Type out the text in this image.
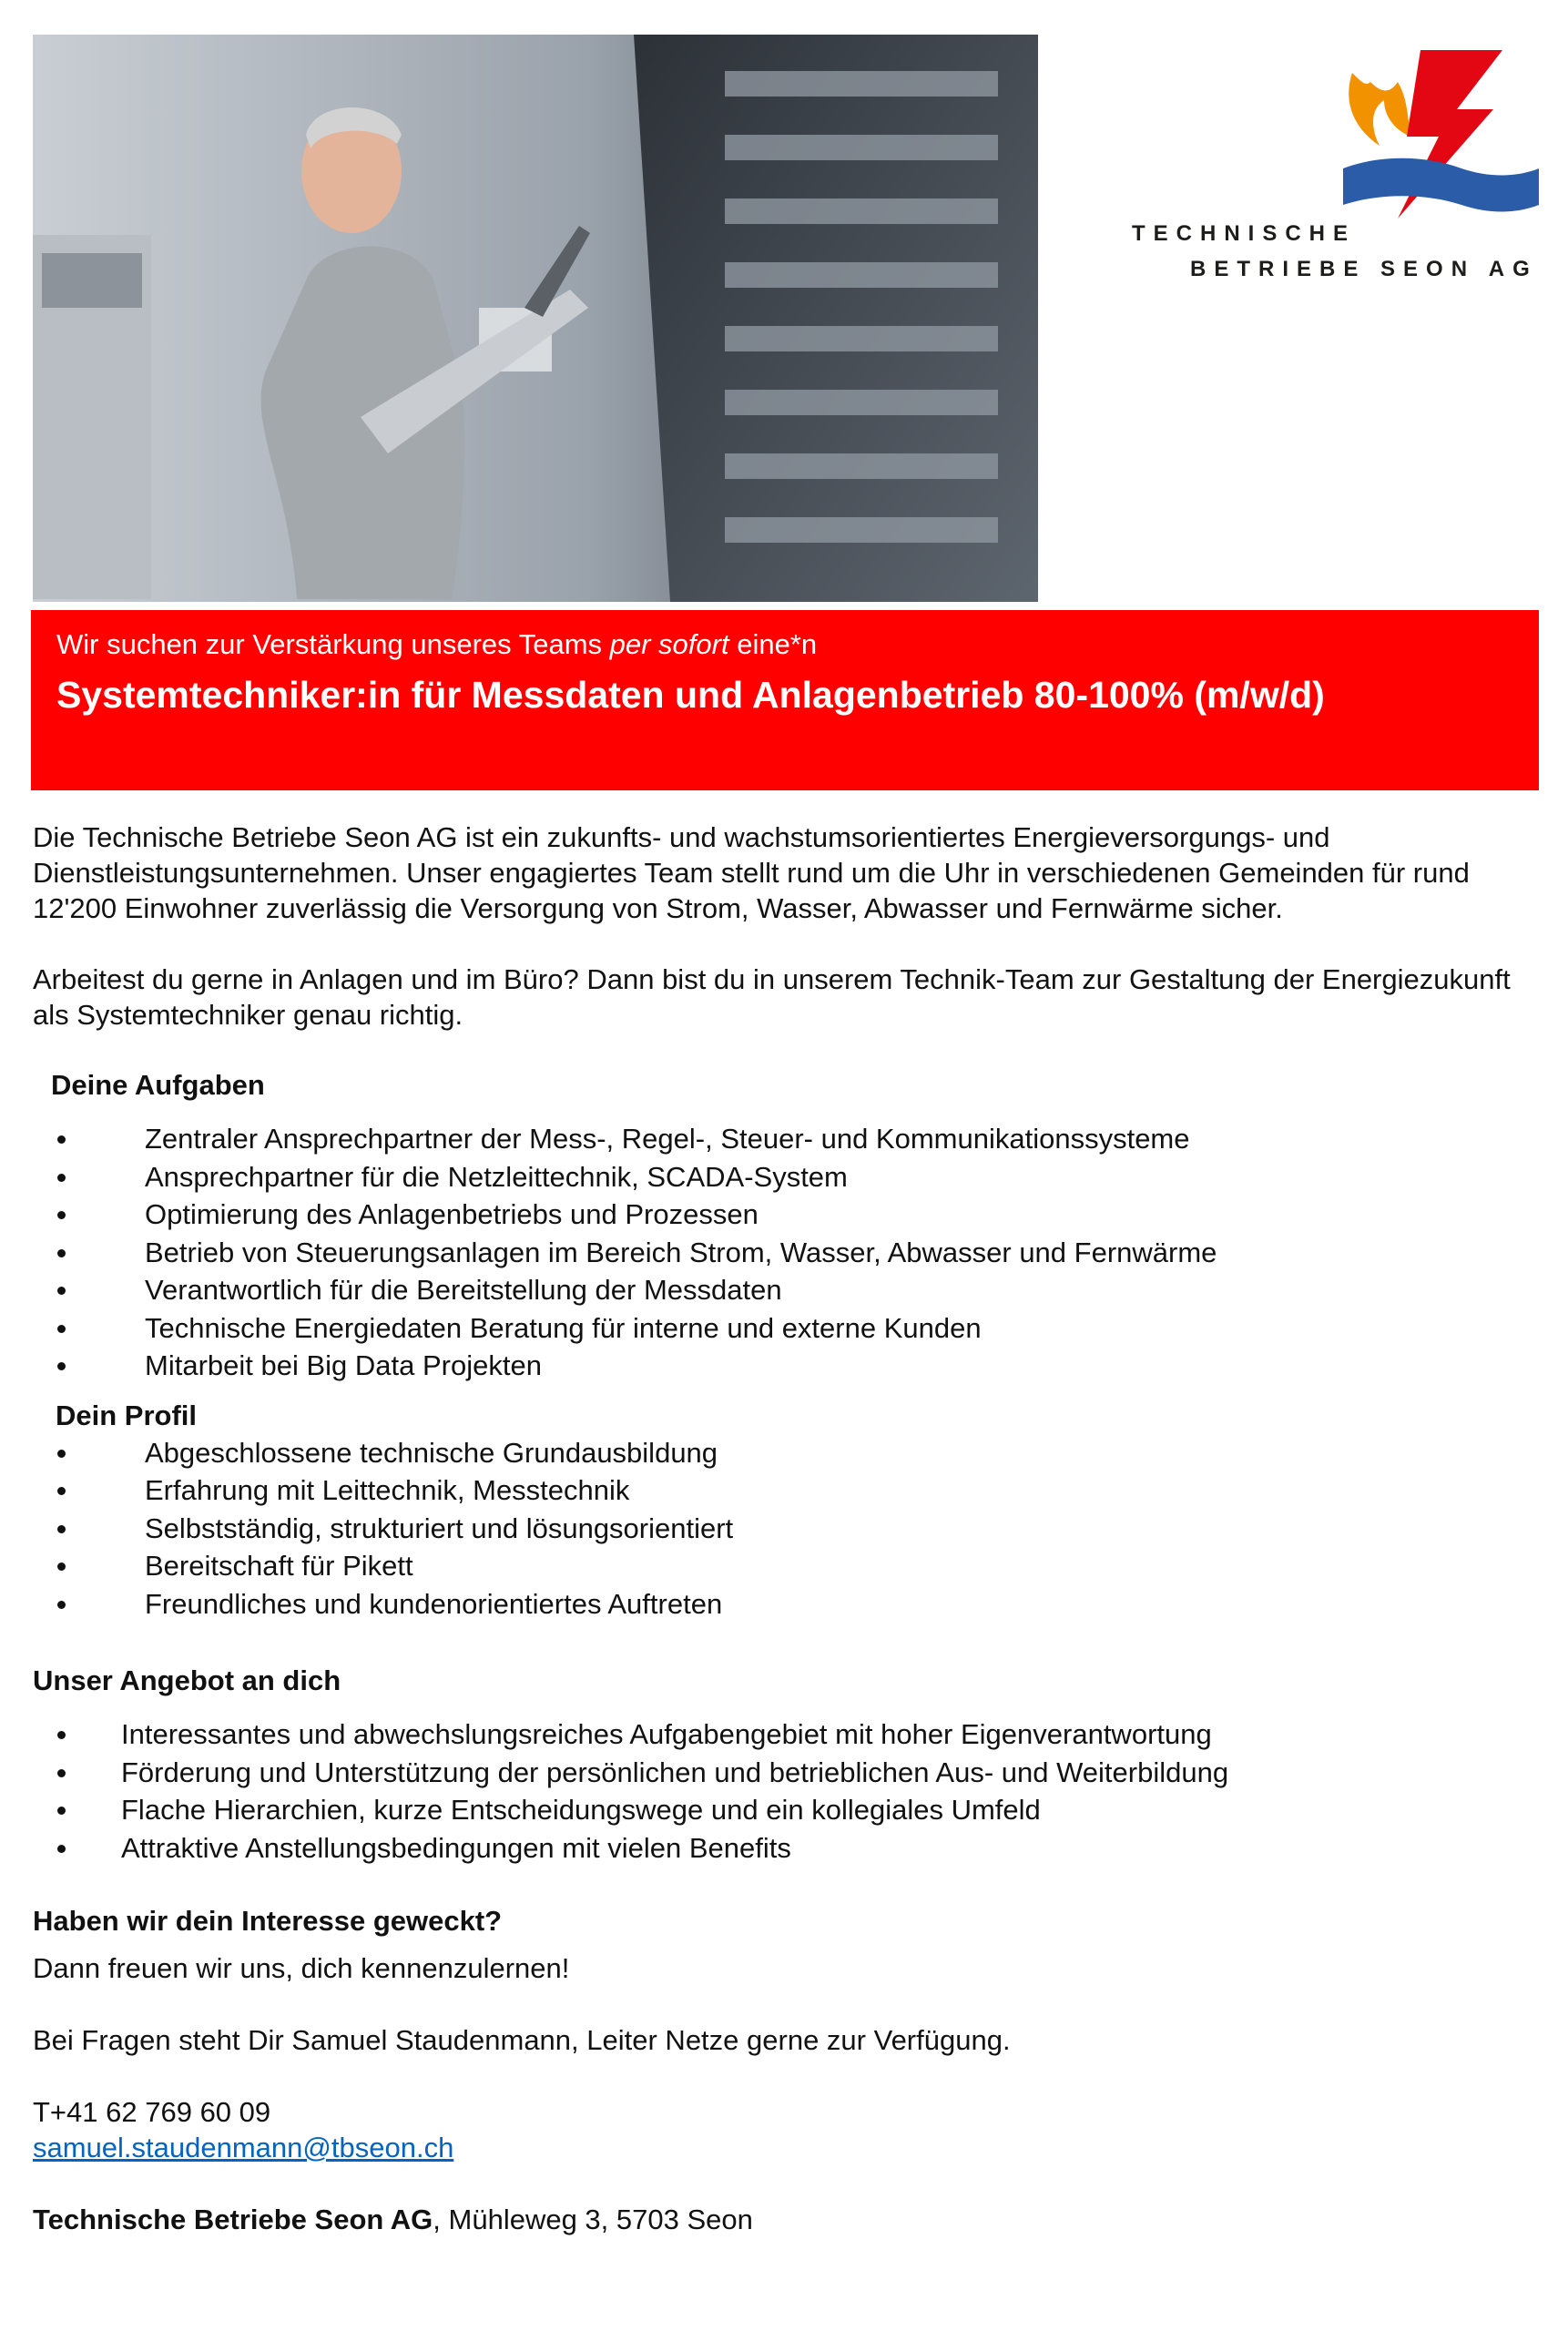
TECHNISCHE
BETRIEBE SEON AG
Wir suchen zur Verstärkung unseres Teams per sofort eine*n
Systemtechniker:in für Messdaten und Anlagenbetrieb 80-100% (m/w/d)

Die Technische Betriebe Seon AG ist ein zukunfts- und wachstumsorientiertes Energieversorgungs- und Dienstleistungsunternehmen. Unser engagiertes Team stellt rund um die Uhr in verschiedenen Gemeinden für rund 12'200 Einwohner zuverlässig die Versorgung von Strom, Wasser, Abwasser und Fernwärme sicher.

Arbeitest du gerne in Anlagen und im Büro? Dann bist du in unserem Technik-Team zur Gestaltung der Energiezukunft als Systemtechniker genau richtig.

Deine Aufgaben
Zentraler Ansprechpartner der Mess-, Regel-, Steuer- und Kommunikationssysteme
Ansprechpartner für die Netzleittechnik, SCADA-System
Optimierung des Anlagenbetriebs und Prozessen
Betrieb von Steuerungsanlagen im Bereich Strom, Wasser, Abwasser und Fernwärme
Verantwortlich für die Bereitstellung der Messdaten
Technische Energiedaten Beratung für interne und externe Kunden
Mitarbeit bei Big Data Projekten
Dein Profil
Abgeschlossene technische Grundausbildung
Erfahrung mit Leittechnik, Messtechnik
Selbstständig, strukturiert und lösungsorientiert
Bereitschaft für Pikett
Freundliches und kundenorientiertes Auftreten
Unser Angebot an dich
Interessantes und abwechslungsreiches Aufgabengebiet mit hoher Eigenverantwortung
Förderung und Unterstützung der persönlichen und betrieblichen Aus- und Weiterbildung
Flache Hierarchien, kurze Entscheidungswege und ein kollegiales Umfeld
Attraktive Anstellungsbedingungen mit vielen Benefits
Haben wir dein Interesse geweckt?

Dann freuen wir uns, dich kennenzulernen!

Bei Fragen steht Dir Samuel Staudenmann, Leiter Netze gerne zur Verfügung.

T+41 62 769 60 09

samuel.staudenmann@tbseon.ch
Technische Betriebe Seon AG, Mühleweg 3, 5703 Seon
